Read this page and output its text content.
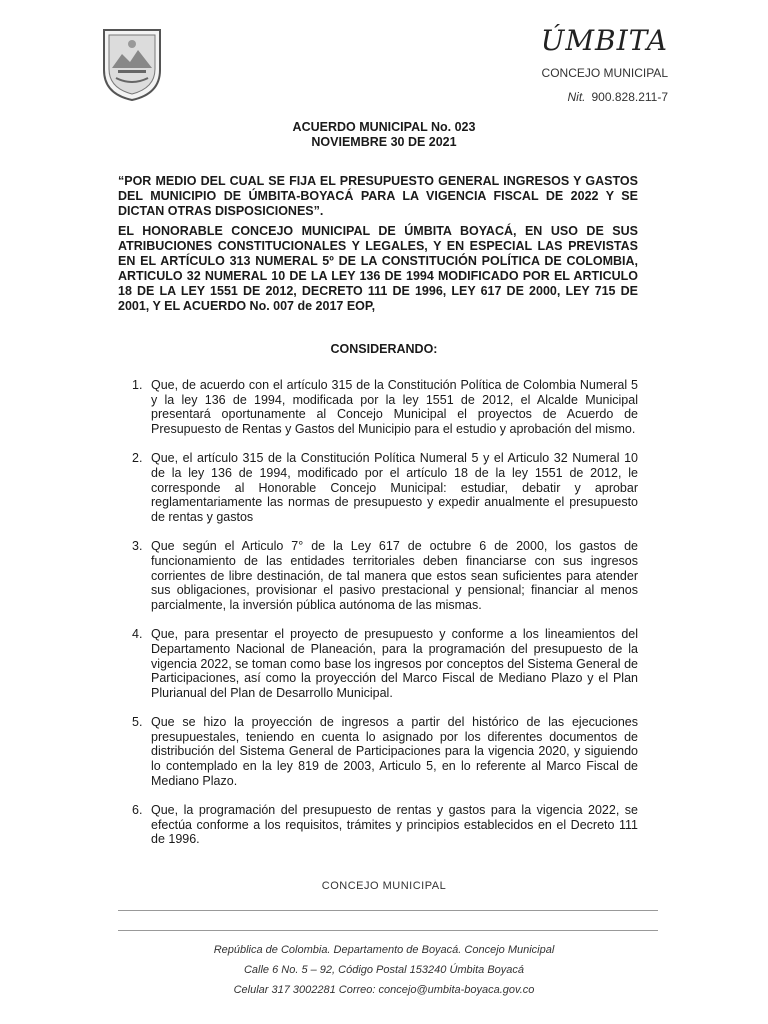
ÚMBITA
CONCEJO MUNICIPAL
Nit. 900.828.211-7
ACUERDO MUNICIPAL No. 023
NOVIEMBRE 30 DE 2021
“POR MEDIO DEL CUAL SE FIJA EL PRESUPUESTO GENERAL INGRESOS Y GASTOS DEL MUNICIPIO DE ÚMBITA-BOYACÁ PARA LA VIGENCIA FISCAL DE 2022 Y SE DICTAN OTRAS DISPOSICIONES”.
EL HONORABLE CONCEJO MUNICIPAL DE ÚMBITA BOYACÁ, EN USO DE SUS ATRIBUCIONES CONSTITUCIONALES Y LEGALES, Y EN ESPECIAL LAS PREVISTAS EN EL ARTÍCULO 313 NUMERAL 5º DE LA CONSTITUCIÓN POLÍTICA DE COLOMBIA, ARTICULO 32 NUMERAL 10 DE LA LEY 136 DE 1994 MODIFICADO POR EL ARTICULO 18 DE LA LEY 1551 DE 2012, DECRETO 111 DE 1996, LEY 617 DE 2000, LEY 715 DE 2001, Y EL ACUERDO No. 007 de 2017 EOP,
CONSIDERANDO:
1. Que, de acuerdo con el artículo 315 de la Constitución Política de Colombia Numeral 5 y la ley 136 de 1994, modificada por la ley 1551 de 2012, el Alcalde Municipal presentará oportunamente al Concejo Municipal el proyectos de Acuerdo de Presupuesto de Rentas y Gastos del Municipio para el estudio y aprobación del mismo.
2. Que, el artículo 315 de la Constitución Política Numeral 5 y el Articulo 32 Numeral 10 de la ley 136 de 1994, modificado por el artículo 18 de la ley 1551 de 2012, le corresponde al Honorable Concejo Municipal: estudiar, debatir y aprobar reglamentariamente las normas de presupuesto y expedir anualmente el presupuesto de rentas y gastos
3. Que según el Articulo 7° de la Ley 617 de octubre 6 de 2000, los gastos de funcionamiento de las entidades territoriales deben financiarse con sus ingresos corrientes de libre destinación, de tal manera que estos sean suficientes para atender sus obligaciones, provisionar el pasivo prestacional y pensional; financiar al menos parcialmente, la inversión pública autónoma de las mismas.
4. Que, para presentar el proyecto de presupuesto y conforme a los lineamientos del Departamento Nacional de Planeación, para la programación del presupuesto de la vigencia 2022, se toman como base los ingresos por conceptos del Sistema General de Participaciones, así como la proyección del Marco Fiscal de Mediano Plazo y el Plan Plurianual del Plan de Desarrollo Municipal.
5. Que se hizo la proyección de ingresos a partir del histórico de las ejecuciones presupuestales, teniendo en cuenta lo asignado por los diferentes documentos de distribución del Sistema General de Participaciones para la vigencia 2020, y siguiendo lo contemplado en la ley 819 de 2003, Articulo 5, en lo referente al Marco Fiscal de Mediano Plazo.
6. Que, la programación del presupuesto de rentas y gastos para la vigencia 2022, se efectúa conforme a los requisitos, trámites y principios establecidos en el Decreto 111 de 1996.
CONCEJO MUNICIPAL
República de Colombia. Departamento de Boyacá. Concejo Municipal
Calle 6 No. 5 – 92, Código Postal 153240 Úmbita Boyacá
Celular 317 3002281 Correo: concejo@umbita-boyaca.gov.co
